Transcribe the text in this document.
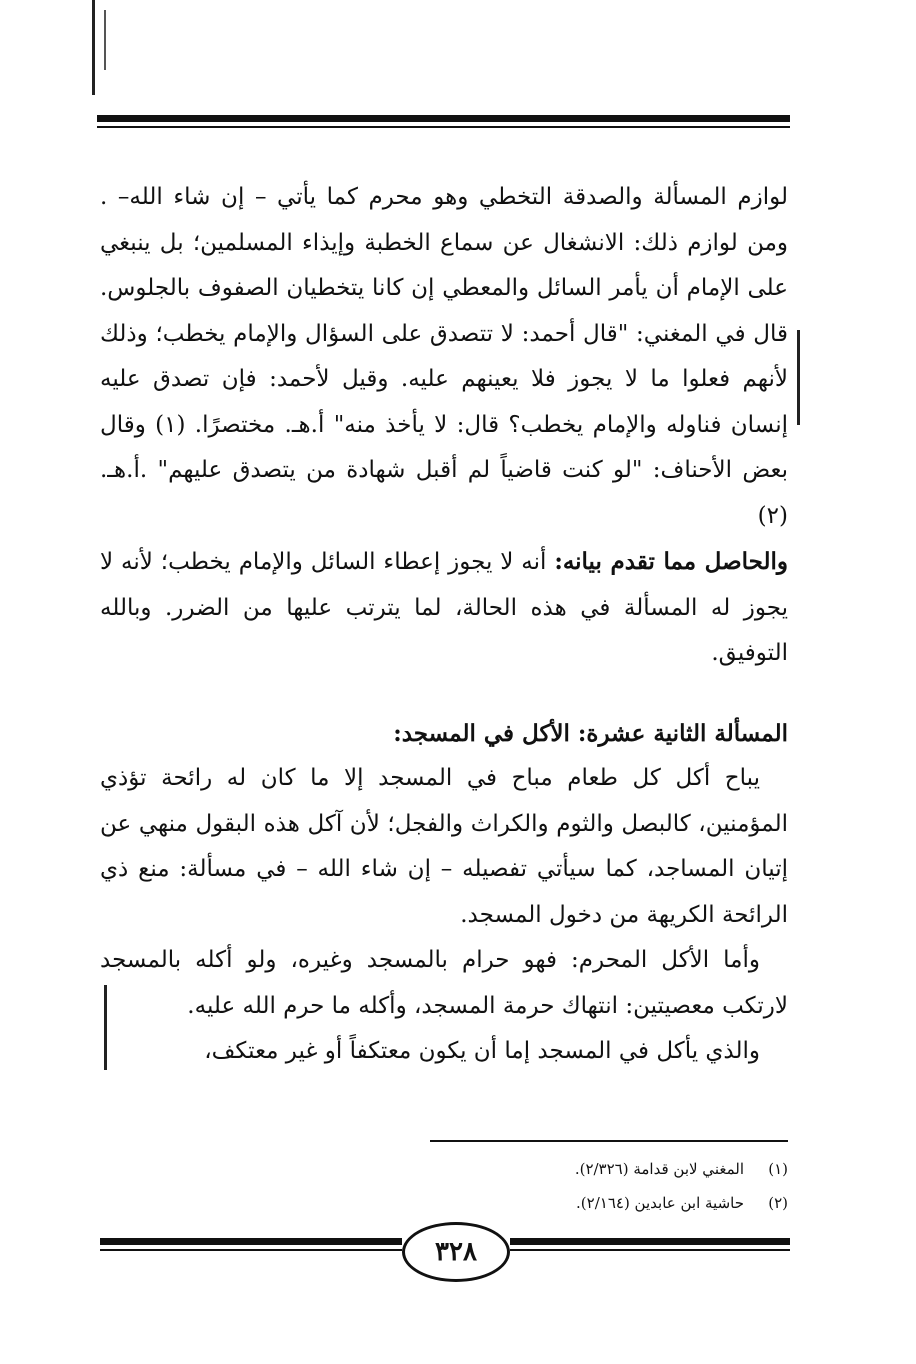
لوازم المسألة والصدقة التخطي وهو محرم كما يأتي – إن شاء الله– . ومن لوازم ذلك: الانشغال عن سماع الخطبة وإيذاء المسلمين؛ بل ينبغي على الإمام أن يأمر السائل والمعطي إن كانا يتخطيان الصفوف بالجلوس. قال في المغني: "قال أحمد: لا تتصدق على السؤال والإمام يخطب؛ وذلك لأنهم فعلوا ما لا يجوز فلا يعينهم عليه. وقيل لأحمد: فإن تصدق عليه إنسان فناوله والإمام يخطب؟ قال: لا يأخذ منه" أ.هـ. مختصرًا. (١) وقال بعض الأحناف: "لو كنت قاضياً لم أقبل شهادة من يتصدق عليهم" .أ.هـ. (٢)

والحاصل مما تقدم بيانه: أنه لا يجوز إعطاء السائل والإمام يخطب؛ لأنه لا يجوز له المسألة في هذه الحالة، لما يترتب عليها من الضرر. وبالله التوفيق.

المسألة الثانية عشرة: الأكل في المسجد:

يباح أكل كل طعام مباح في المسجد إلا ما كان له رائحة تؤذي المؤمنين، كالبصل والثوم والكراث والفجل؛ لأن آكل هذه البقول منهي عن إتيان المساجد، كما سيأتي تفصيله – إن شاء الله – في مسألة: منع ذي الرائحة الكريهة من دخول المسجد.

وأما الأكل المحرم: فهو حرام بالمسجد وغيره، ولو أكله بالمسجد لارتكب معصيتين: انتهاك حرمة المسجد، وأكله ما حرم الله عليه.

والذي يأكل في المسجد إما أن يكون معتكفاً أو غير معتكف،

(١)المغني لابن قدامة (٢/٣٢٦).
(٢)حاشية ابن عابدين (٢/١٦٤).
٣٢٨
